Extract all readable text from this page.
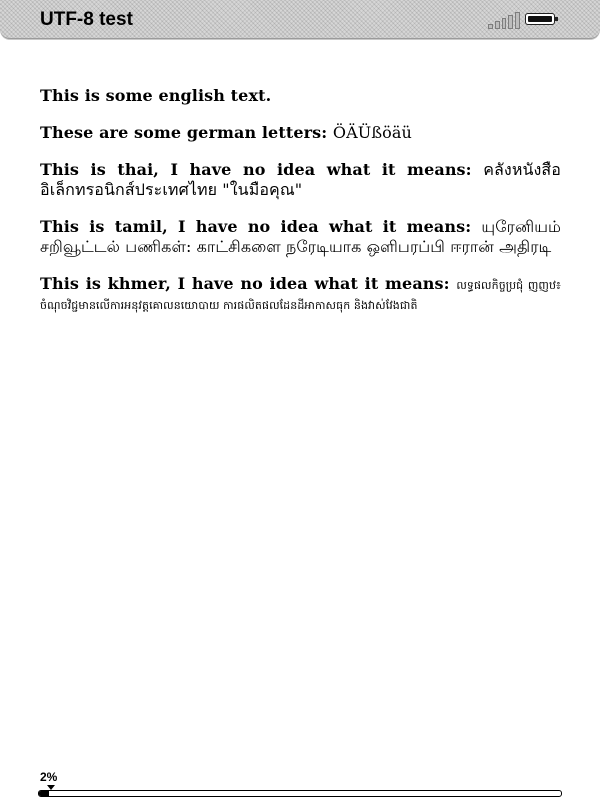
UTF-8 test

This is some english text.

These are some german letters: ÖÄÜßöäü

This is thai, I have no idea what it means: คลังหนังสืออิเล็กทรอนิกส์ประเทศไทย "ในมือคุณ"

This is tamil, I have no idea what it means: யுரேனியம் சறிவூட்டல் பணிகள்: காட்சிகளை நரேடியாக ஒளிபரப்பி ஈரான் அதிரடி

This is khmer, I have no idea what it means: លទ្ធផលកិច្ចប្រជុំ ញញឋ៖ ចំណុចវិជ្ជមានលើការអនុវត្តគោលនយោបាយ ការផលិតផលដែនដីអាកាសធុក និងវាស់វែងជាតិ

2%
